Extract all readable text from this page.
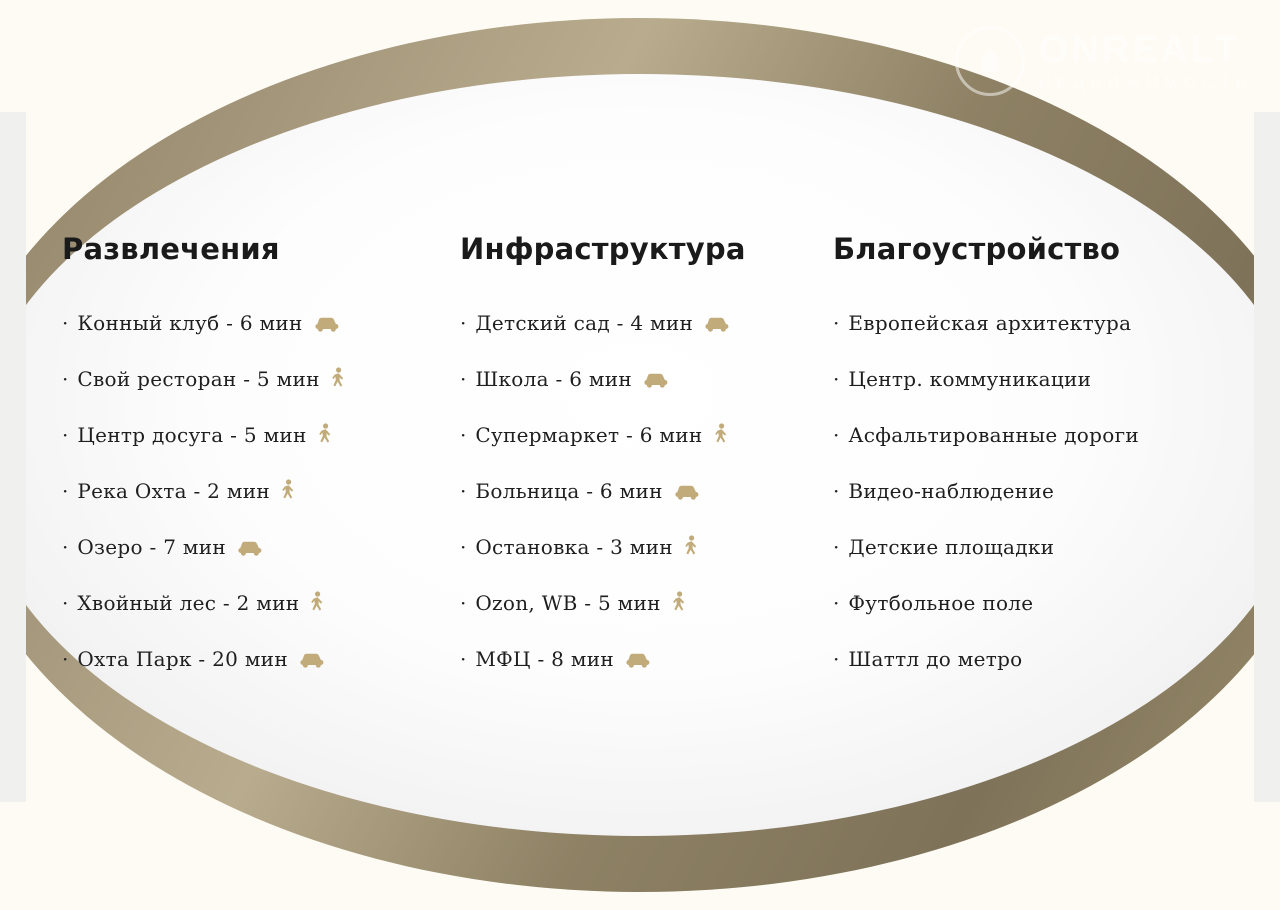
ONREALT
НЕДВИЖИМОСТЬ
Развлечения
· Конный клуб - 6 мин
· Свой ресторан - 5 мин
· Центр досуга - 5 мин
· Река Охта - 2 мин
· Озеро - 7 мин
· Хвойный лес - 2 мин
· Охта Парк - 20 мин
Инфраструктура
· Детский сад - 4 мин
· Школа - 6 мин
· Супермаркет - 6 мин
· Больница - 6 мин
· Остановка - 3 мин
· Ozon, WB - 5 мин
· МФЦ - 8 мин
Благоустройство
· Европейская архитектура
· Центр. коммуникации
· Асфальтированные дороги
· Видео-наблюдение
· Детские площадки
· Футбольное поле
· Шаттл до метро
